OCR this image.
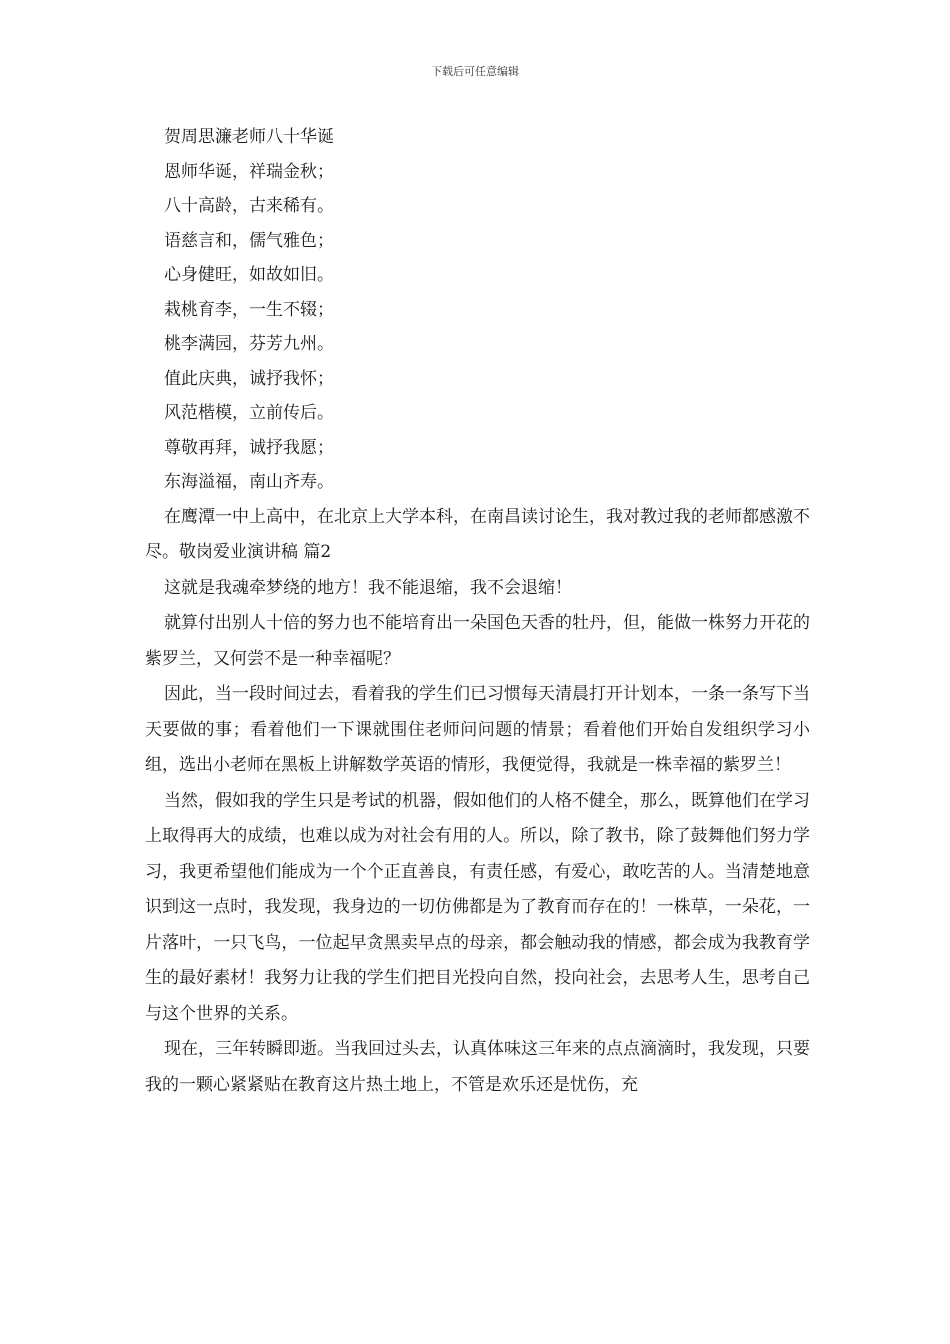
下载后可任意编辑
贺周思濂老师八十华诞
恩师华诞，祥瑞金秋；
八十高龄，古来稀有。
语慈言和，儒气雅色；
心身健旺，如故如旧。
栽桃育李，一生不辍；
桃李满园，芬芳九州。
值此庆典，诚抒我怀；
风范楷模，立前传后。
尊敬再拜，诚抒我愿；
东海溢福，南山齐寿。

在鹰潭一中上高中，在北京上大学本科，在南昌读讨论生，我对教过我的老师都感激不尽。敬岗爱业演讲稿 篇2

这就是我魂牵梦绕的地方！我不能退缩，我不会退缩！

就算付出别人十倍的努力也不能培育出一朵国色天香的牡丹，但，能做一株努力开花的紫罗兰，又何尝不是一种幸福呢？

因此，当一段时间过去，看着我的学生们已习惯每天清晨打开计划本，一条一条写下当天要做的事；看着他们一下课就围住老师问问题的情景；看着他们开始自发组织学习小组，选出小老师在黑板上讲解数学英语的情形，我便觉得，我就是一株幸福的紫罗兰！

当然，假如我的学生只是考试的机器，假如他们的人格不健全，那么，既算他们在学习上取得再大的成绩，也难以成为对社会有用的人。所以，除了教书，除了鼓舞他们努力学习，我更希望他们能成为一个个正直善良，有责任感，有爱心，敢吃苦的人。当清楚地意识到这一点时，我发现，我身边的一切仿佛都是为了教育而存在的！一株草，一朵花，一片落叶，一只飞鸟，一位起早贪黑卖早点的母亲，都会触动我的情感，都会成为我教育学生的最好素材！我努力让我的学生们把目光投向自然，投向社会，去思考人生，思考自己与这个世界的关系。

现在，三年转瞬即逝。当我回过头去，认真体味这三年来的点点滴滴时，我发现，只要我的一颗心紧紧贴在教育这片热土地上，不管是欢乐还是忧伤，充
